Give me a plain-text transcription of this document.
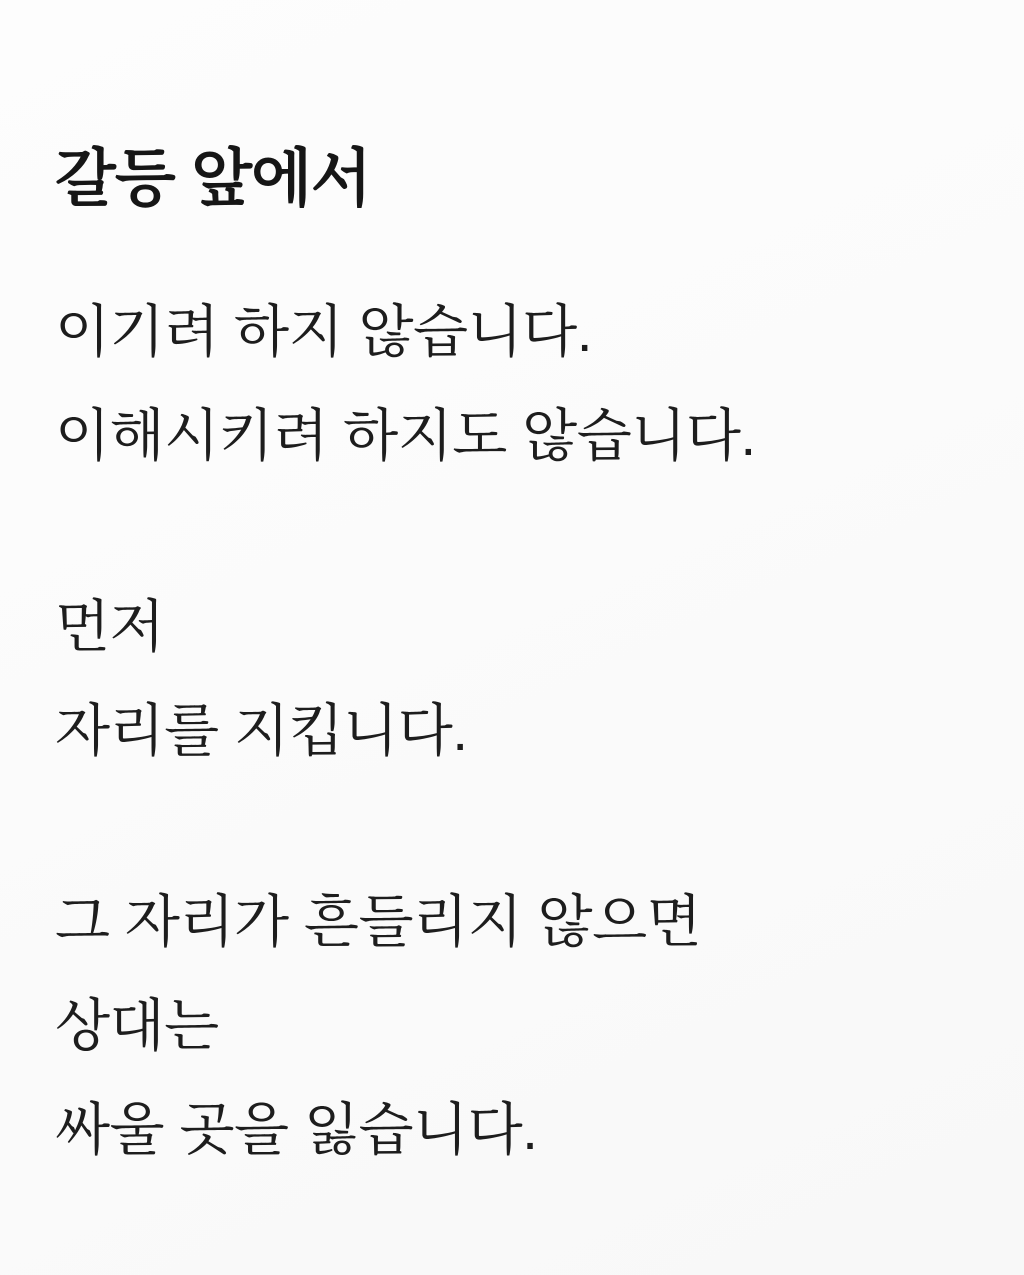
갈등 앞에서
이기려 하지 않습니다.
이해시키려 하지도 않습니다.
먼저
자리를 지킵니다.
그 자리가 흔들리지 않으면
상대는
싸울 곳을 잃습니다.
